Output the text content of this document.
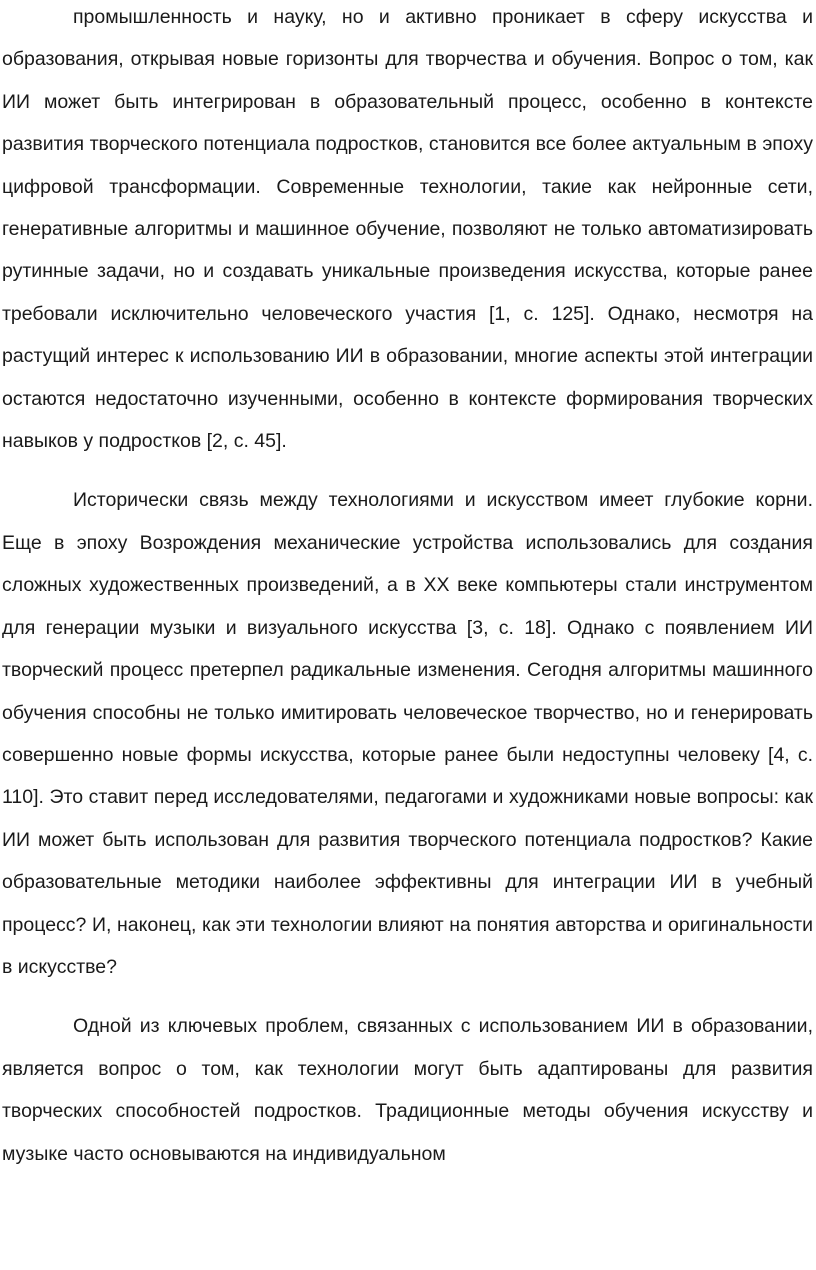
промышленность и науку, но и активно проникает в сферу искусства и образования, открывая новые горизонты для творчества и обучения. Вопрос о том, как ИИ может быть интегрирован в образовательный процесс, особенно в контексте развития творческого потенциала подростков, становится все более актуальным в эпоху цифровой трансформации. Современные технологии, такие как нейронные сети, генеративные алгоритмы и машинное обучение, позволяют не только автоматизировать рутинные задачи, но и создавать уникальные произведения искусства, которые ранее требовали исключительно человеческого участия [1, с. 125]. Однако, несмотря на растущий интерес к использованию ИИ в образовании, многие аспекты этой интеграции остаются недостаточно изученными, особенно в контексте формирования творческих навыков у подростков [2, с. 45].

Исторически связь между технологиями и искусством имеет глубокие корни. Еще в эпоху Возрождения механические устройства использовались для создания сложных художественных произведений, а в XX веке компьютеры стали инструментом для генерации музыки и визуального искусства [3, с. 18]. Однако с появлением ИИ творческий процесс претерпел радикальные изменения. Сегодня алгоритмы машинного обучения способны не только имитировать человеческое творчество, но и генерировать совершенно новые формы искусства, которые ранее были недоступны человеку [4, с. 110]. Это ставит перед исследователями, педагогами и художниками новые вопросы: как ИИ может быть использован для развития творческого потенциала подростков? Какие образовательные методики наиболее эффективны для интеграции ИИ в учебный процесс? И, наконец, как эти технологии влияют на понятия авторства и оригинальности в искусстве?

Одной из ключевых проблем, связанных с использованием ИИ в образовании, является вопрос о том, как технологии могут быть адаптированы для развития творческих способностей подростков. Традиционные методы обучения искусству и музыке часто основываются на индивидуальном
